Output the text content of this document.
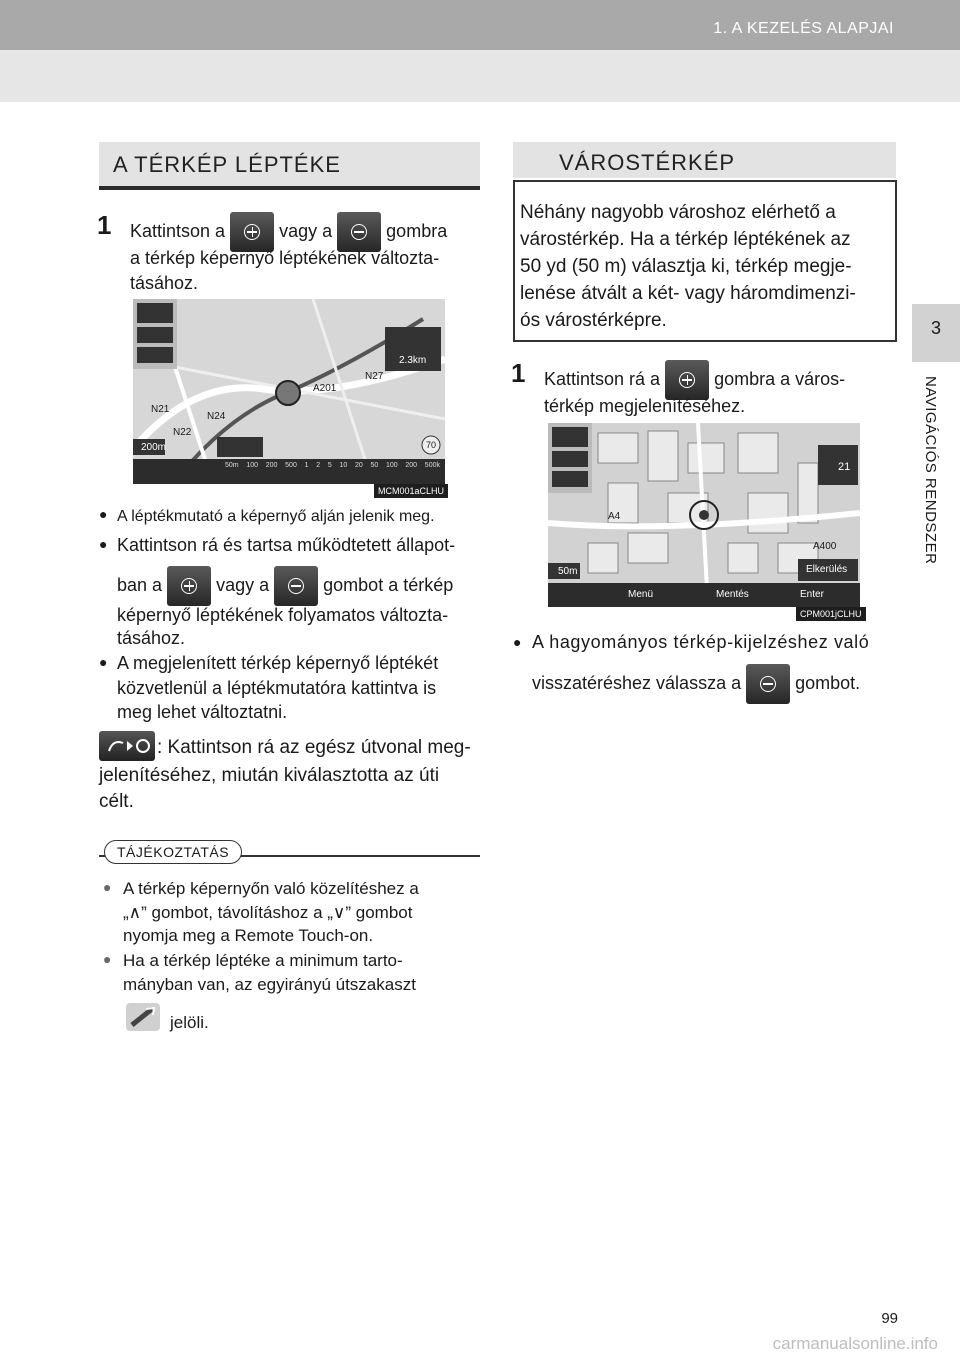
1. A KEZELÉS ALAPJAI
3
NAVIGÁCIÓS RENDSZER
A TÉRKÉP LÉPTÉKE
1 Kattintson a	vagy a	gombra
a térkép képernyő léptékének változta-
tásához.
200m
2.3km
N21
N22
N24
A201
N27
70
50m 100 200 500 1 2 5 10 20 50 100 200 500k
MCM001aCLHU
● A léptékmutató a képernyő alján jelenik meg.
● Kattintson rá és tartsa működtetett állapot-
ban a	vagy a	gombot a térkép
képernyő léptékének folyamatos változta-
tásához.
● A megjelenített térkép képernyő léptékét
közvetlenül a léptékmutatóra kattintva is
meg lehet változtatni.
: Kattintson rá az egész útvonal meg-
jelenítéséhez, miután kiválasztotta az úti
célt.
TÁJÉKOZTATÁS
● A térkép képernyőn való közelítéshez a
„∧” gombot, távolításhoz a „∨” gombot
nyomja meg a Remote Touch-on.
● Ha a térkép léptéke a minimum tarto-
mányban van, az egyirányú útszakaszt
jelöli.
VÁROSTÉRKÉP
Néhány nagyobb városhoz elérhető a
várostérkép. Ha a térkép léptékének az
50 yd (50 m) választja ki, térkép megje-
lenése átvált a két- vagy háromdimenzi-
ós várostérképre.
1 Kattintson rá a	gombra a város-
térkép megjelenítéséhez.
50m
A4
A400
21
Elkerülés
Menü	Mentés	Enter
CPM001jCLHU
● A hagyományos térkép-kijelzéshez való
visszatéréshez válassza a	gombot.
99
carmanualsonline.info
